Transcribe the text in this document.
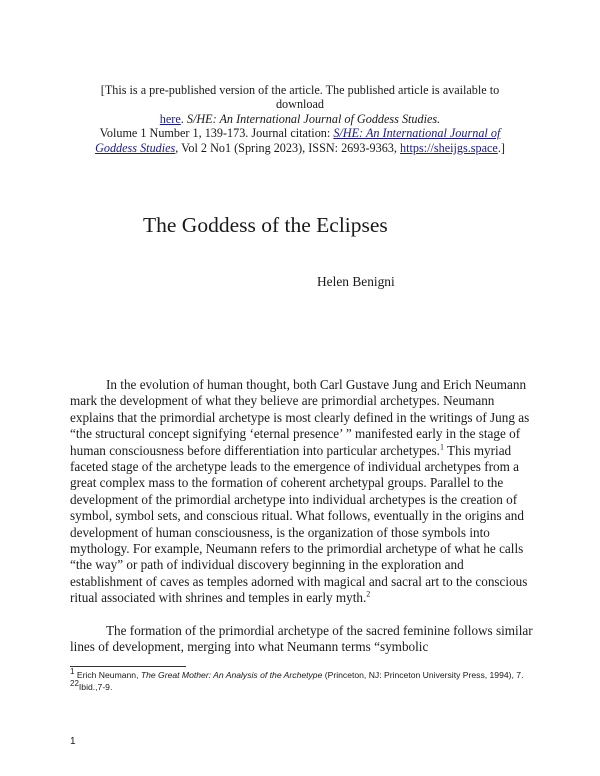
[This is a pre-published version of the article. The published article is available to download
here. S/HE: An International Journal of Goddess Studies.
Volume 1 Number 1, 139-173. Journal citation: S/HE: An International Journal of Goddess Studies, Vol 2 No1 (Spring 2023), ISSN: 2693-9363, https://sheijgs.space.]
The Goddess of the Eclipses
Helen Benigni

In the evolution of human thought, both Carl Gustave Jung and Erich Neumann mark the development of what they believe are primordial archetypes. Neumann explains that the primordial archetype is most clearly defined in the writings of Jung as “the structural concept signifying ‘eternal presence’ ” manifested early in the stage of human consciousness before differentiation into particular archetypes.$^1$ This myriad faceted stage of the archetype leads to the emergence of individual archetypes from a great complex mass to the formation of coherent archetypal groups. Parallel to the development of the primordial archetype into individual archetypes is the creation of symbol, symbol sets, and conscious ritual. What follows, eventually in the origins and development of human consciousness, is the organization of those symbols into mythology. For example, Neumann refers to the primordial archetype of what he calls “the way” or path of individual discovery beginning in the exploration and establishment of caves as temples adorned with magical and sacral art to the conscious ritual associated with shrines and temples in early myth.$^2$

The formation of the primordial archetype of the sacred feminine follows similar lines of development, merging into what Neumann terms “symbolic

$^1$ Erich Neumann, The Great Mother: An Analysis of the Archetype (Princeton, NJ: Princeton University Press, 1994), 7.
$^{22}$Ibid.,7-9.
1
